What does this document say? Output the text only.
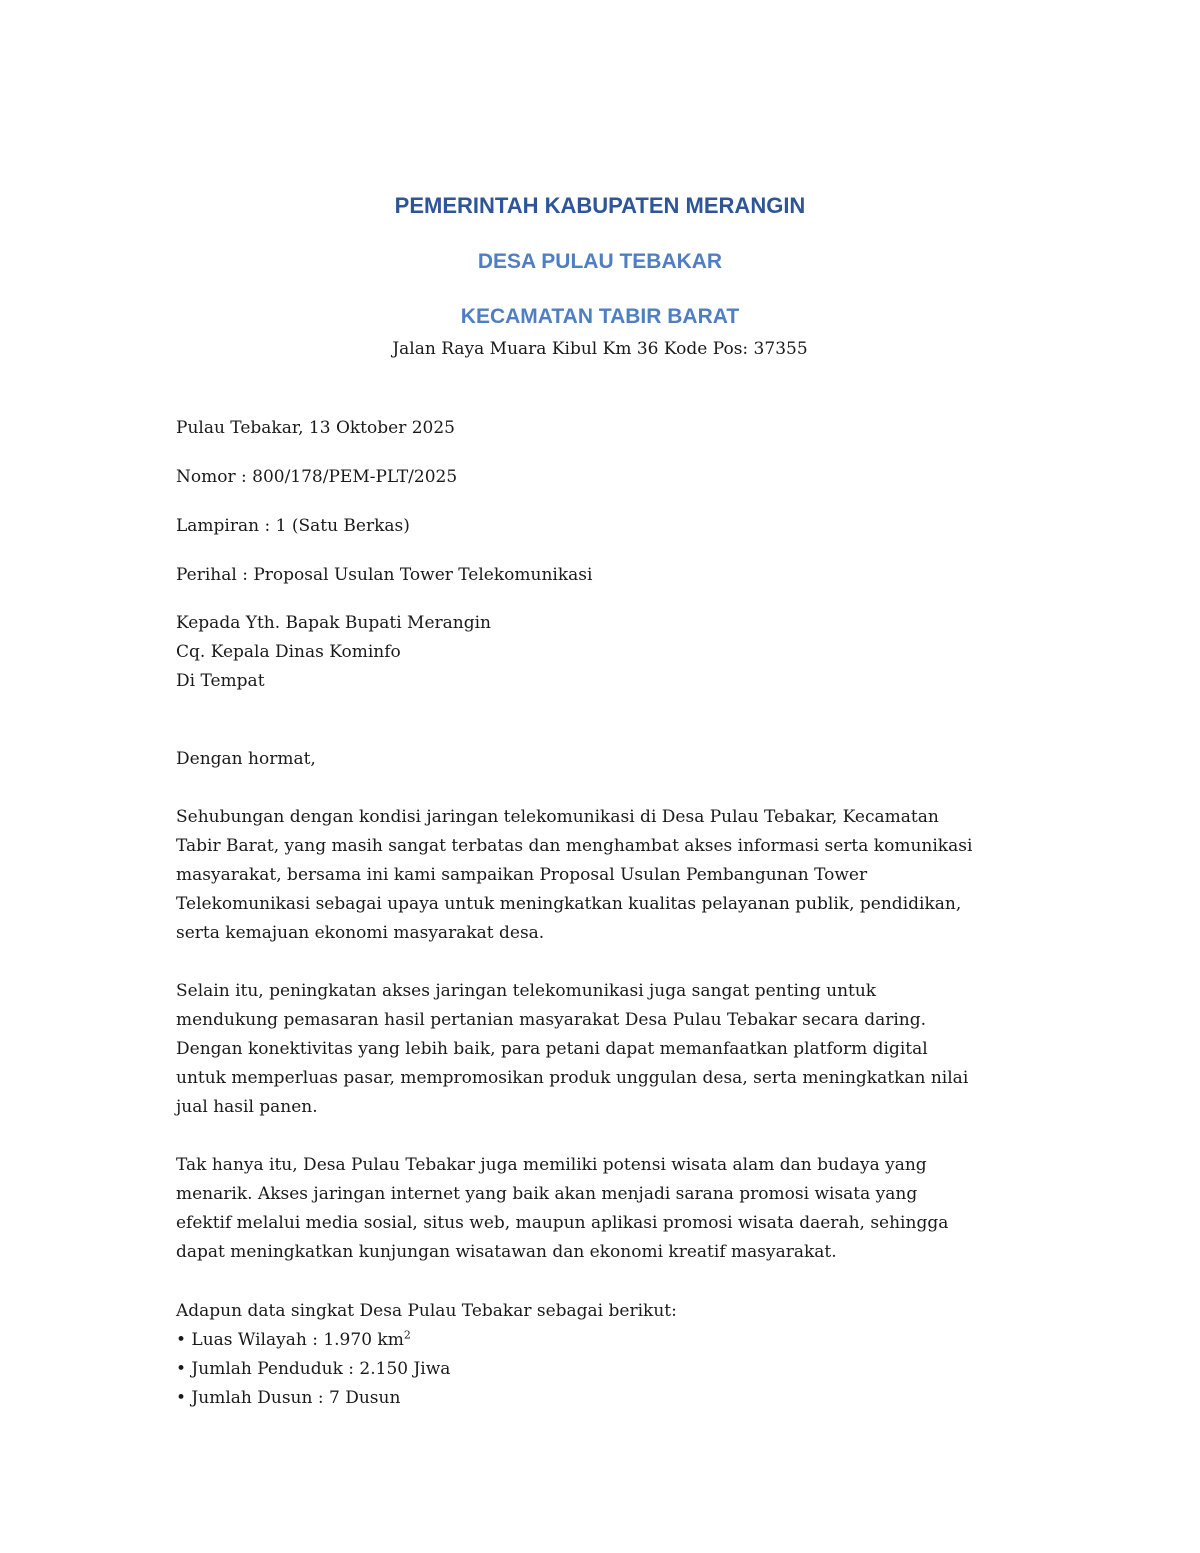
PEMERINTAH KABUPATEN MERANGIN
DESA PULAU TEBAKAR
KECAMATAN TABIR BARAT
Jalan Raya Muara Kibul Km 36 Kode Pos: 37355

Pulau Tebakar, 13 Oktober 2025

Nomor : 800/178/PEM-PLT/2025

Lampiran : 1 (Satu Berkas)

Perihal : Proposal Usulan Tower Telekomunikasi

Kepada Yth. Bapak Bupati Merangin

Cq. Kepala Dinas Kominfo

Di Tempat

Dengan hormat,

Sehubungan dengan kondisi jaringan telekomunikasi di Desa Pulau Tebakar, Kecamatan
Tabir Barat, yang masih sangat terbatas dan menghambat akses informasi serta komunikasi
masyarakat, bersama ini kami sampaikan Proposal Usulan Pembangunan Tower
Telekomunikasi sebagai upaya untuk meningkatkan kualitas pelayanan publik, pendidikan,
serta kemajuan ekonomi masyarakat desa.
Selain itu, peningkatan akses jaringan telekomunikasi juga sangat penting untuk
mendukung pemasaran hasil pertanian masyarakat Desa Pulau Tebakar secara daring.
Dengan konektivitas yang lebih baik, para petani dapat memanfaatkan platform digital
untuk memperluas pasar, mempromosikan produk unggulan desa, serta meningkatkan nilai
jual hasil panen.
Tak hanya itu, Desa Pulau Tebakar juga memiliki potensi wisata alam dan budaya yang
menarik. Akses jaringan internet yang baik akan menjadi sarana promosi wisata yang
efektif melalui media sosial, situs web, maupun aplikasi promosi wisata daerah, sehingga
dapat meningkatkan kunjungan wisatawan dan ekonomi kreatif masyarakat.

Adapun data singkat Desa Pulau Tebakar sebagai berikut:

• Luas Wilayah : 1.970 $km^2$
• Jumlah Penduduk : 2.150 Jiwa
• Jumlah Dusun : 7 Dusun
